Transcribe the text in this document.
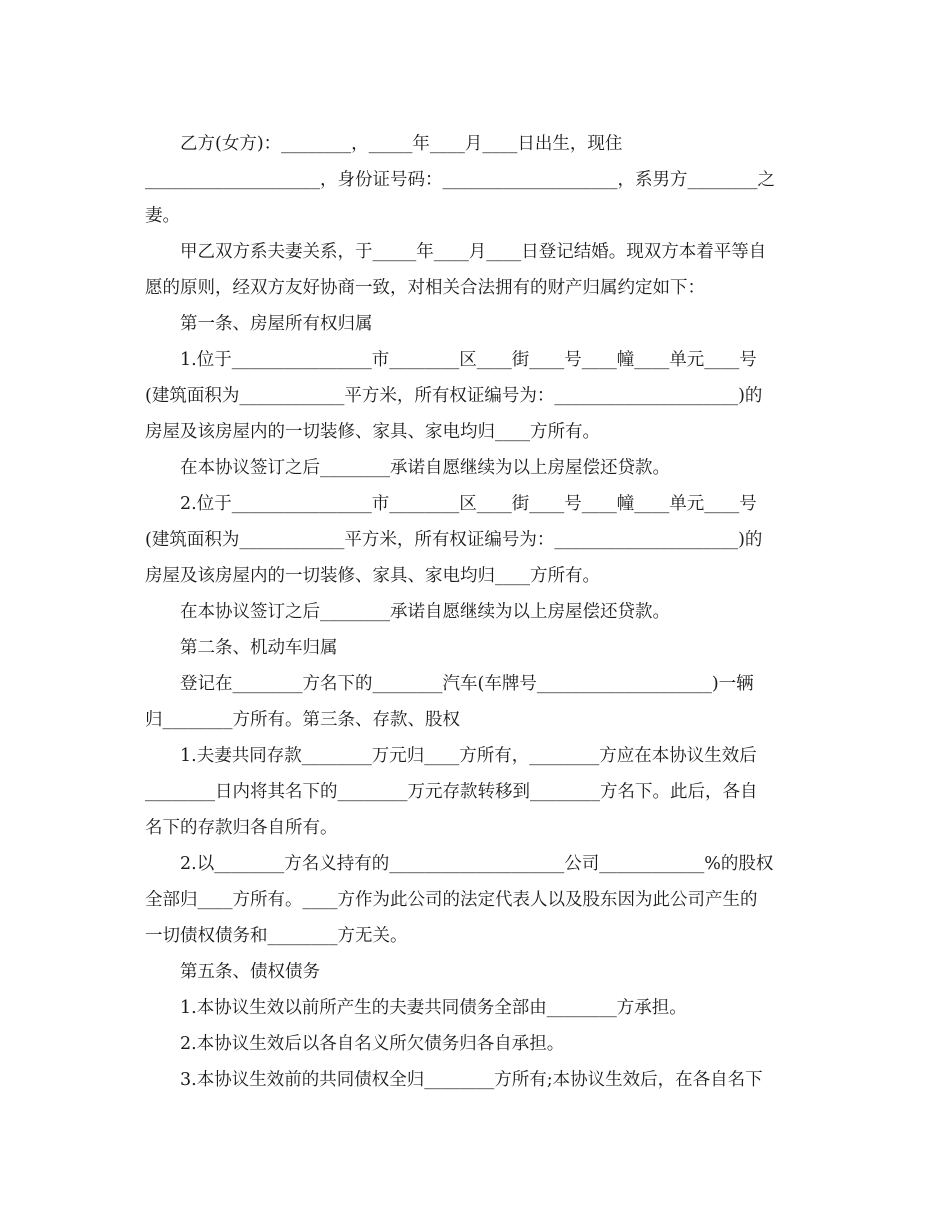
乙方(女方)：________，_____年____月____日出生，现住
____________________，身份证号码：____________________，系男方________之
妻。
甲乙双方系夫妻关系，于_____年____月____日登记结婚。现双方本着平等自
愿的原则，经双方友好协商一致，对相关合法拥有的财产归属约定如下：
第一条、房屋所有权归属
1.位于________________市________区____街____号____幢____单元____号
(建筑面积为____________平方米，所有权证编号为：_____________________)的
房屋及该房屋内的一切装修、家具、家电均归____方所有。
在本协议签订之后________承诺自愿继续为以上房屋偿还贷款。
2.位于________________市________区____街____号____幢____单元____号
(建筑面积为____________平方米，所有权证编号为：_____________________)的
房屋及该房屋内的一切装修、家具、家电均归____方所有。
在本协议签订之后________承诺自愿继续为以上房屋偿还贷款。
第二条、机动车归属
登记在________方名下的________汽车(车牌号____________________)一辆
归________方所有。第三条、存款、股权
1.夫妻共同存款________万元归____方所有，________方应在本协议生效后
________日内将其名下的________万元存款转移到________方名下。此后，各自
名下的存款归各自所有。
2.以________方名义持有的____________________公司____________%的股权
全部归____方所有。____方作为此公司的法定代表人以及股东因为此公司产生的
一切债权债务和________方无关。
第五条、债权债务
1.本协议生效以前所产生的夫妻共同债务全部由________方承担。
2.本协议生效后以各自名义所欠债务归各自承担。
3.本协议生效前的共同债权全归________方所有;本协议生效后，在各自名下
